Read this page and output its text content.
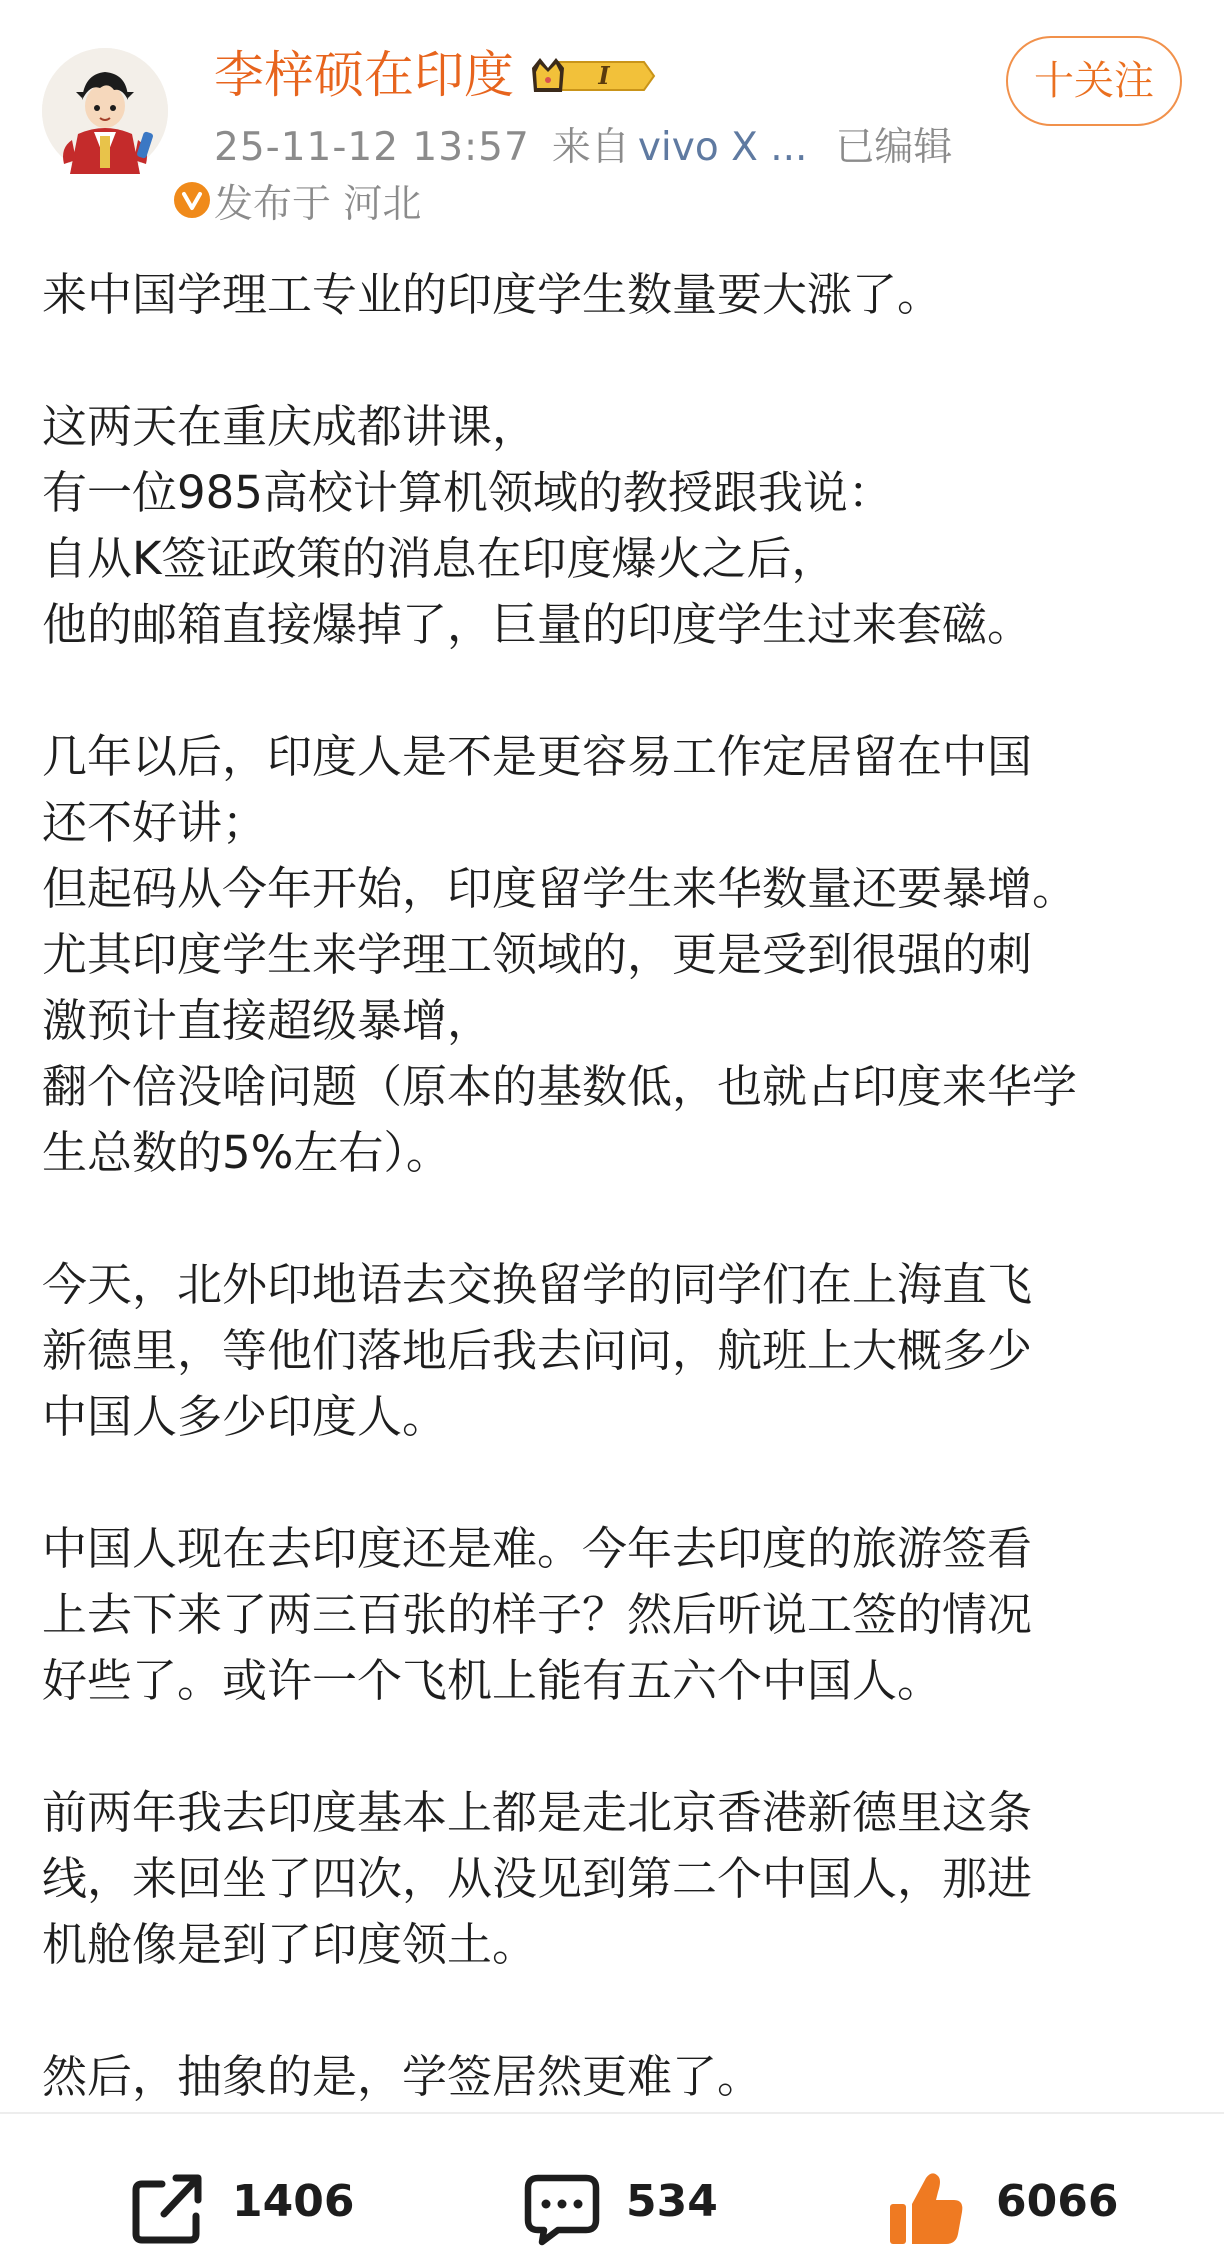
李梓硕在印度	I
25-11-12 13:57 来自 vivo X ... 已编辑
发布于 河北
十关注

来中国学理工专业的印度学生数量要大涨了。

这两天在重庆成都讲课，

有一位985高校计算机领域的教授跟我说：

自从K签证政策的消息在印度爆火之后，

他的邮箱直接爆掉了，巨量的印度学生过来套磁。

几年以后，印度人是不是更容易工作定居留在中国

还不好讲；

但起码从今年开始，印度留学生来华数量还要暴增。

尤其印度学生来学理工领域的，更是受到很强的刺

激预计直接超级暴增，

翻个倍没啥问题（原本的基数低，也就占印度来华学

生总数的5%左右）。

今天，北外印地语去交换留学的同学们在上海直飞

新德里，等他们落地后我去问问，航班上大概多少

中国人多少印度人。

中国人现在去印度还是难。今年去印度的旅游签看

上去下来了两三百张的样子？然后听说工签的情况

好些了。或许一个飞机上能有五六个中国人。

前两年我去印度基本上都是走北京香港新德里这条

线，来回坐了四次，从没见到第二个中国人，那进

机舱像是到了印度领土。

然后，抽象的是，学签居然更难了。

1406	534	6066
